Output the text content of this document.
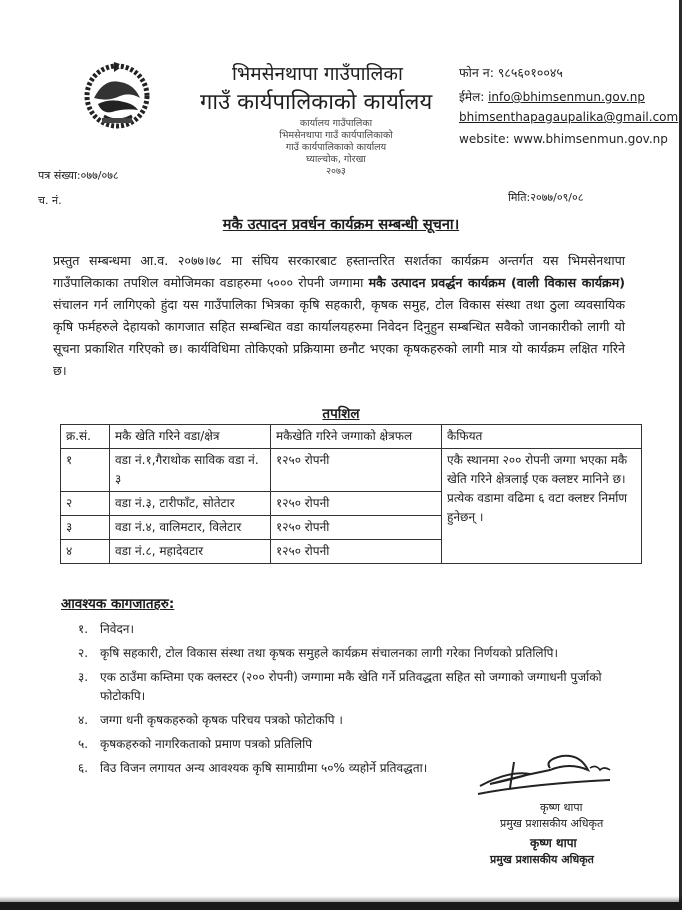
भिमसेनथापा गाउँपालिका
गाउँ कार्यपालिकाको कार्यालय
कार्यालय गाउँपालिका
भिमसेनथापा गाउँ कार्यपालिकाको
गाउँ कार्यपालिकाको कार्यालय
घ्याल्चोक, गोरखा
२०७३
फोन न: ९८५६०१००४५
ईमेल: info@bhimsenmun.gov.np
bhimsenthapagaupalika@gmail.com
website: www.bhimsenmun.gov.np
पत्र संख्या:०७७/०७८
च. नं.	मिति:२०७७/०९/०८
मकै उत्पादन प्रवर्धन कार्यक्रम सम्बन्धी सूचना।
प्रस्तुत सम्बन्धमा आ.व. २०७७।७८ मा संघिय सरकारबाट हस्तान्तरित सशर्तका कार्यक्रम अन्तर्गत यस भिमसेनथापा गाउँपालिकाका तपशिल वमोजिमका वडाहरुमा ५००० रोपनी जग्गामा मकै उत्पादन प्रवर्द्धन कार्यक्रम (वाली विकास कार्यक्रम) संचालन गर्न लागिएको हुंदा यस गाउँपालिका भित्रका कृषि सहकारी, कृषक समुह, टोल विकास संस्था तथा ठुला व्यवसायिक कृषि फर्महरुले देहायको कागजात सहित सम्बन्धित वडा कार्यालयहरुमा निवेदन दिनुहुन सम्बन्धित सवैको जानकारीको लागी यो सूचना प्रकाशित गरिएको छ। कार्यविधिमा तोकिएको प्रक्रियामा छनौट भएका कृषकहरुको लागी मात्र यो कार्यक्रम लक्षित गरिने छ।
तपशिल
क्र.सं.	मकै खेति गरिने वडा/क्षेत्र	मकैखेति गरिने जग्गाको क्षेत्रफल	कैफियत
१	वडा नं.१,गैराथोक साविक वडा नं. ३	१२५० रोपनी	एकै स्थानमा २०० रोपनी जग्गा भएका मकै खेति गरिने क्षेत्रलाई एक क्लष्टर मानिने छ। प्रत्येक वडामा वढिमा ६ वटा क्लष्टर निर्माण हुनेछन् ।
२	वडा नं.३, टारीफाँट, सोतेटार	१२५० रोपनी	
३	वडा नं.४, वालिमटार, विलेटार	१२५० रोपनी	
४	वडा नं.८, महादेवटार	१२५० रोपनी	
आवश्यक कागजातहरु:
१. निवेदन।
२. कृषि सहकारी, टोल विकास संस्था तथा कृषक समुहले कार्यक्रम संचालनका लागी गरेका निर्णयको प्रतिलिपि।
३. एक ठाउँमा कम्तिमा एक क्लस्टर (२०० रोपनी) जग्गामा मकै खेति गर्ने प्रतिवद्धता सहित सो जग्गाको जग्गाधनी पुर्जाको फोटोकपि।
४. जग्गा धनी कृषकहरुको कृषक परिचय पत्रको फोटोकपि ।
५. कृषकहरुको नागरिकताको प्रमाण पत्रको प्रतिलिपि
६. विउ विजन लगायत अन्य आवश्यक कृषि सामाग्रीमा ५०% व्यहोर्ने प्रतिवद्धता।
कृष्ण थापा
प्रमुख प्रशासकीय अधिकृत
कृष्ण थापा
प्रमुख प्रशासकीय अधिकृत
